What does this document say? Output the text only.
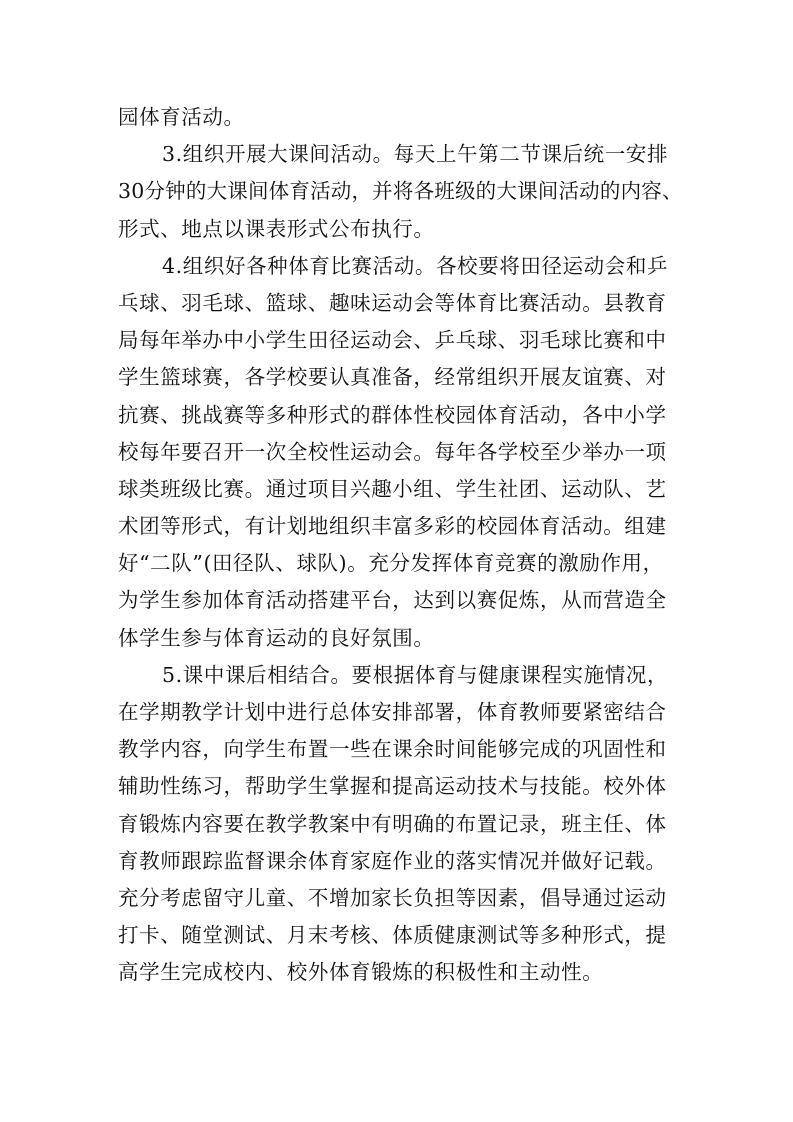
园体育活动。
3.组织开展大课间活动。每天上午第二节课后统一安排
30分钟的大课间体育活动，并将各班级的大课间活动的内容、
形式、地点以课表形式公布执行。
4.组织好各种体育比赛活动。各校要将田径运动会和乒
乓球、羽毛球、篮球、趣味运动会等体育比赛活动。县教育
局每年举办中小学生田径运动会、乒乓球、羽毛球比赛和中
学生篮球赛，各学校要认真准备，经常组织开展友谊赛、对
抗赛、挑战赛等多种形式的群体性校园体育活动，各中小学
校每年要召开一次全校性运动会。每年各学校至少举办一项
球类班级比赛。通过项目兴趣小组、学生社团、运动队、艺
术团等形式，有计划地组织丰富多彩的校园体育活动。组建
好“二队”(田径队、球队)。充分发挥体育竞赛的激励作用，
为学生参加体育活动搭建平台，达到以赛促炼，从而营造全
体学生参与体育运动的良好氛围。
5.课中课后相结合。要根据体育与健康课程实施情况，
在学期教学计划中进行总体安排部署，体育教师要紧密结合
教学内容，向学生布置一些在课余时间能够完成的巩固性和
辅助性练习，帮助学生掌握和提高运动技术与技能。校外体
育锻炼内容要在教学教案中有明确的布置记录，班主任、体
育教师跟踪监督课余体育家庭作业的落实情况并做好记载。
充分考虑留守儿童、不增加家长负担等因素，倡导通过运动
打卡、随堂测试、月末考核、体质健康测试等多种形式，提
高学生完成校内、校外体育锻炼的积极性和主动性。
